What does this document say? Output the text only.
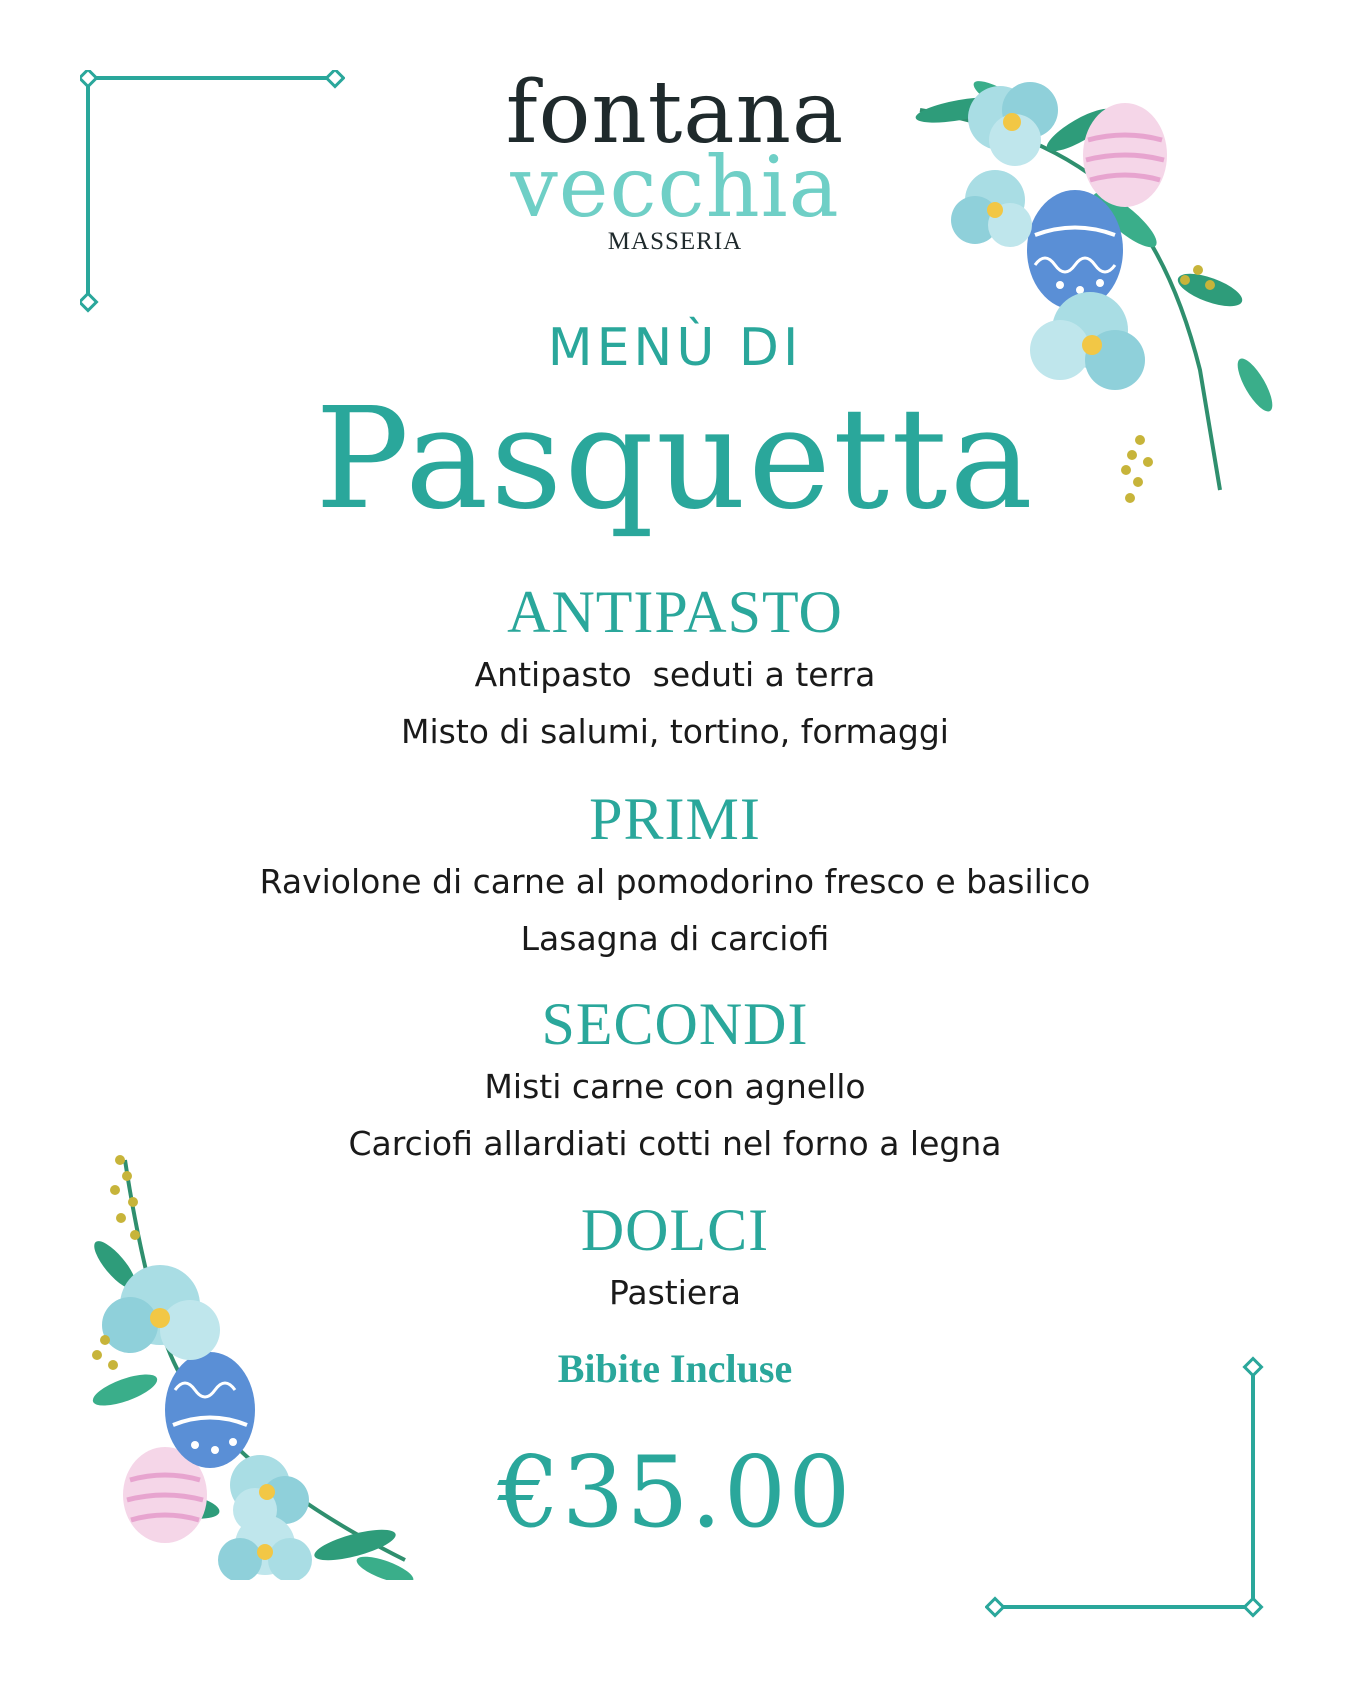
fontana
vecchia
MASSERIA
MENÙ DI
Pasquetta
ANTIPASTO
Antipasto  seduti a terra
Misto di salumi, tortino, formaggi
PRIMI
Raviolone di carne al pomodorino fresco e basilico
Lasagna di carciofi
SECONDI
Misti carne con agnello
Carciofi allardiati cotti nel forno a legna
DOLCI
Pastiera
Bibite Incluse
€35.00
